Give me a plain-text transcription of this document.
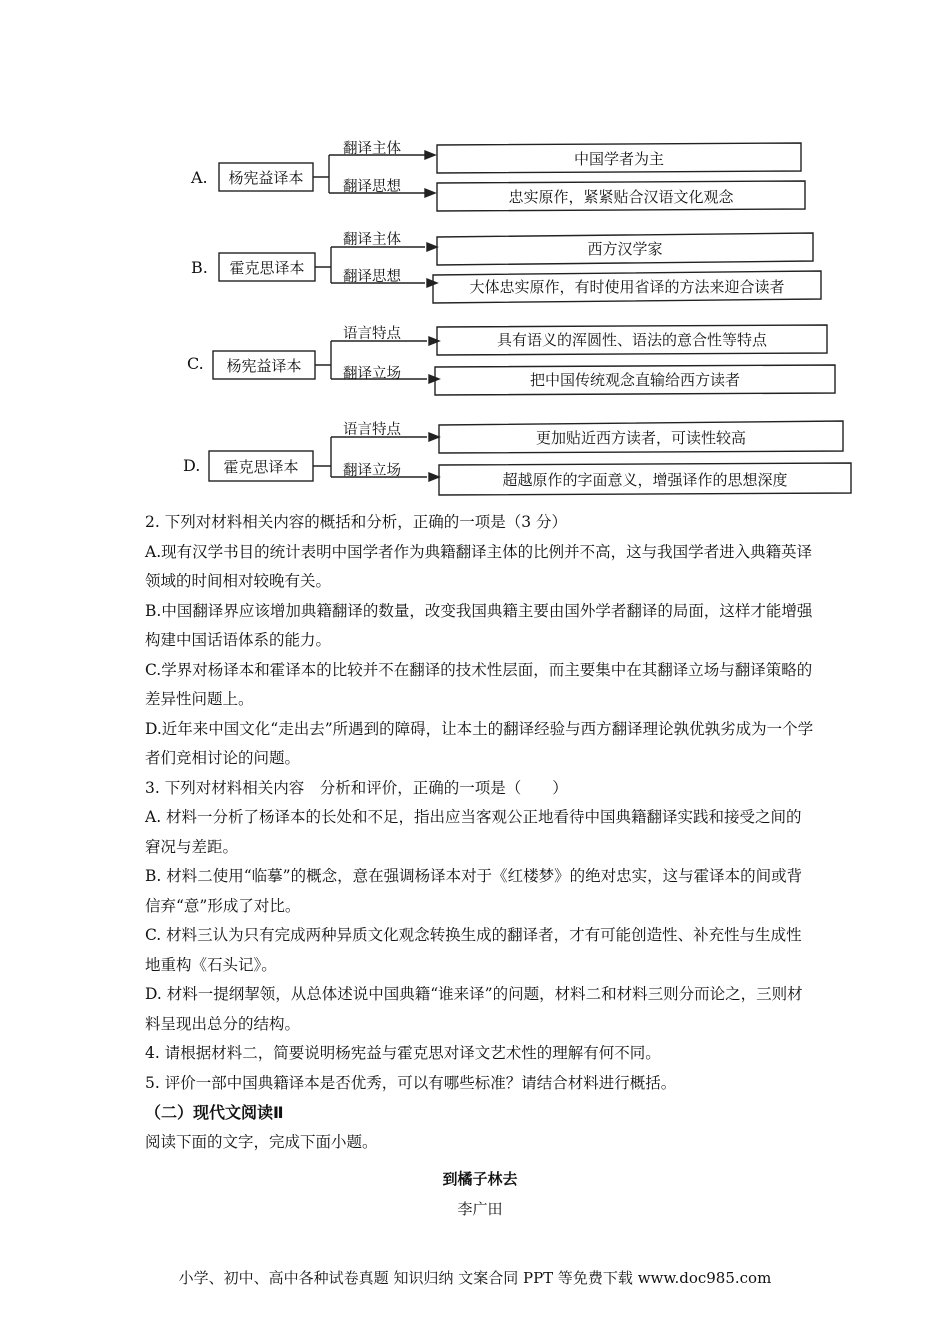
A. 杨宪益译本
翻译主体
翻译思想
中国学者为主
忠实原作，紧紧贴合汉语文化观念
B. 霍克思译本
翻译主体
翻译思想
西方汉学家
大体忠实原作，有时使用省译的方法来迎合读者
C. 杨宪益译本
语言特点
翻译立场
具有语义的浑圆性、语法的意合性等特点
把中国传统观念直输给西方读者
D. 霍克思译本
语言特点
翻译立场
更加贴近西方读者，可读性较高
超越原作的字面意义，增强译作的思想深度

2. 下列对材料相关内容的概括和分析，正确的一项是（3 分）

A.现有汉学书目的统计表明中国学者作为典籍翻译主体的比例并不高，这与我国学者进入典籍英译领域的时间相对较晚有关。

B.中国翻译界应该增加典籍翻译的数量，改变我国典籍主要由国外学者翻译的局面，这样才能增强构建中国话语体系的能力。

C.学界对杨译本和霍译本的比较并不在翻译的技术性层面，而主要集中在其翻译立场与翻译策略的差异性问题上。

D.近年来中国文化“走出去”所遇到的障碍，让本土的翻译经验与西方翻译理论孰优孰劣成为一个学者们竞相讨论的问题。

3. 下列对材料相关内容　分析和评价，正确的一项是（　　）

A. 材料一分析了杨译本的长处和不足，指出应当客观公正地看待中国典籍翻译实践和接受之间的窘况与差距。

B. 材料二使用“临摹”的概念，意在强调杨译本对于《红楼梦》的绝对忠实，这与霍译本的间或背信弃“意”形成了对比。

C. 材料三认为只有完成两种异质文化观念转换生成的翻译者，才有可能创造性、补充性与生成性地重构《石头记》。

D. 材料一提纲挈领，从总体述说中国典籍“谁来译”的问题，材料二和材料三则分而论之，三则材料呈现出总分的结构。

4. 请根据材料二，简要说明杨宪益与霍克思对译文艺术性的理解有何不同。

5. 评价一部中国典籍译本是否优秀，可以有哪些标准？请结合材料进行概括。

（二）现代文阅读Ⅱ

阅读下面的文字，完成下面小题。

到橘子林去

李广田

小学、初中、高中各种试卷真题 知识归纳 文案合同 PPT 等免费下载 www.doc985.com
